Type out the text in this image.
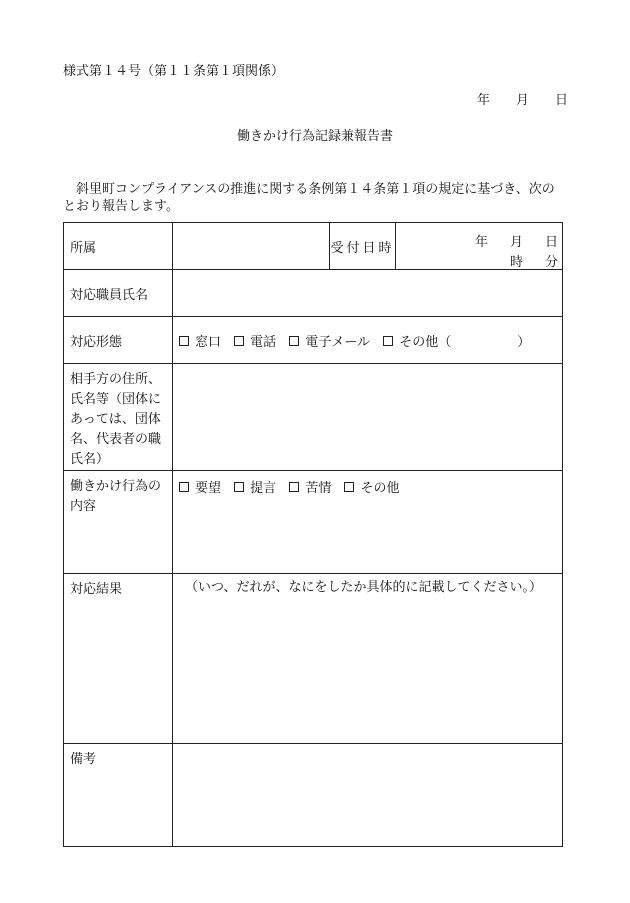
様式第１４号（第１１条第１項関係）
年 月 日
働きかけ行為記録兼報告書
斜里町コンプライアンスの推進に関する条例第１４条第１項の規定に基づき、次のとおり報告します。
所属		受付日時	年 月 日
時 分

対応職員氏名			
対応形態	窓口 電話 電子メール その他（ ）		
相手方の住所、氏名等（団体にあっては、団体名、代表者の職氏名）			
働きかけ行為の内容	要望 提言 苦情 その他		
対応結果	（いつ、だれが、なにをしたか具体的に記載してください。）		
備考			
